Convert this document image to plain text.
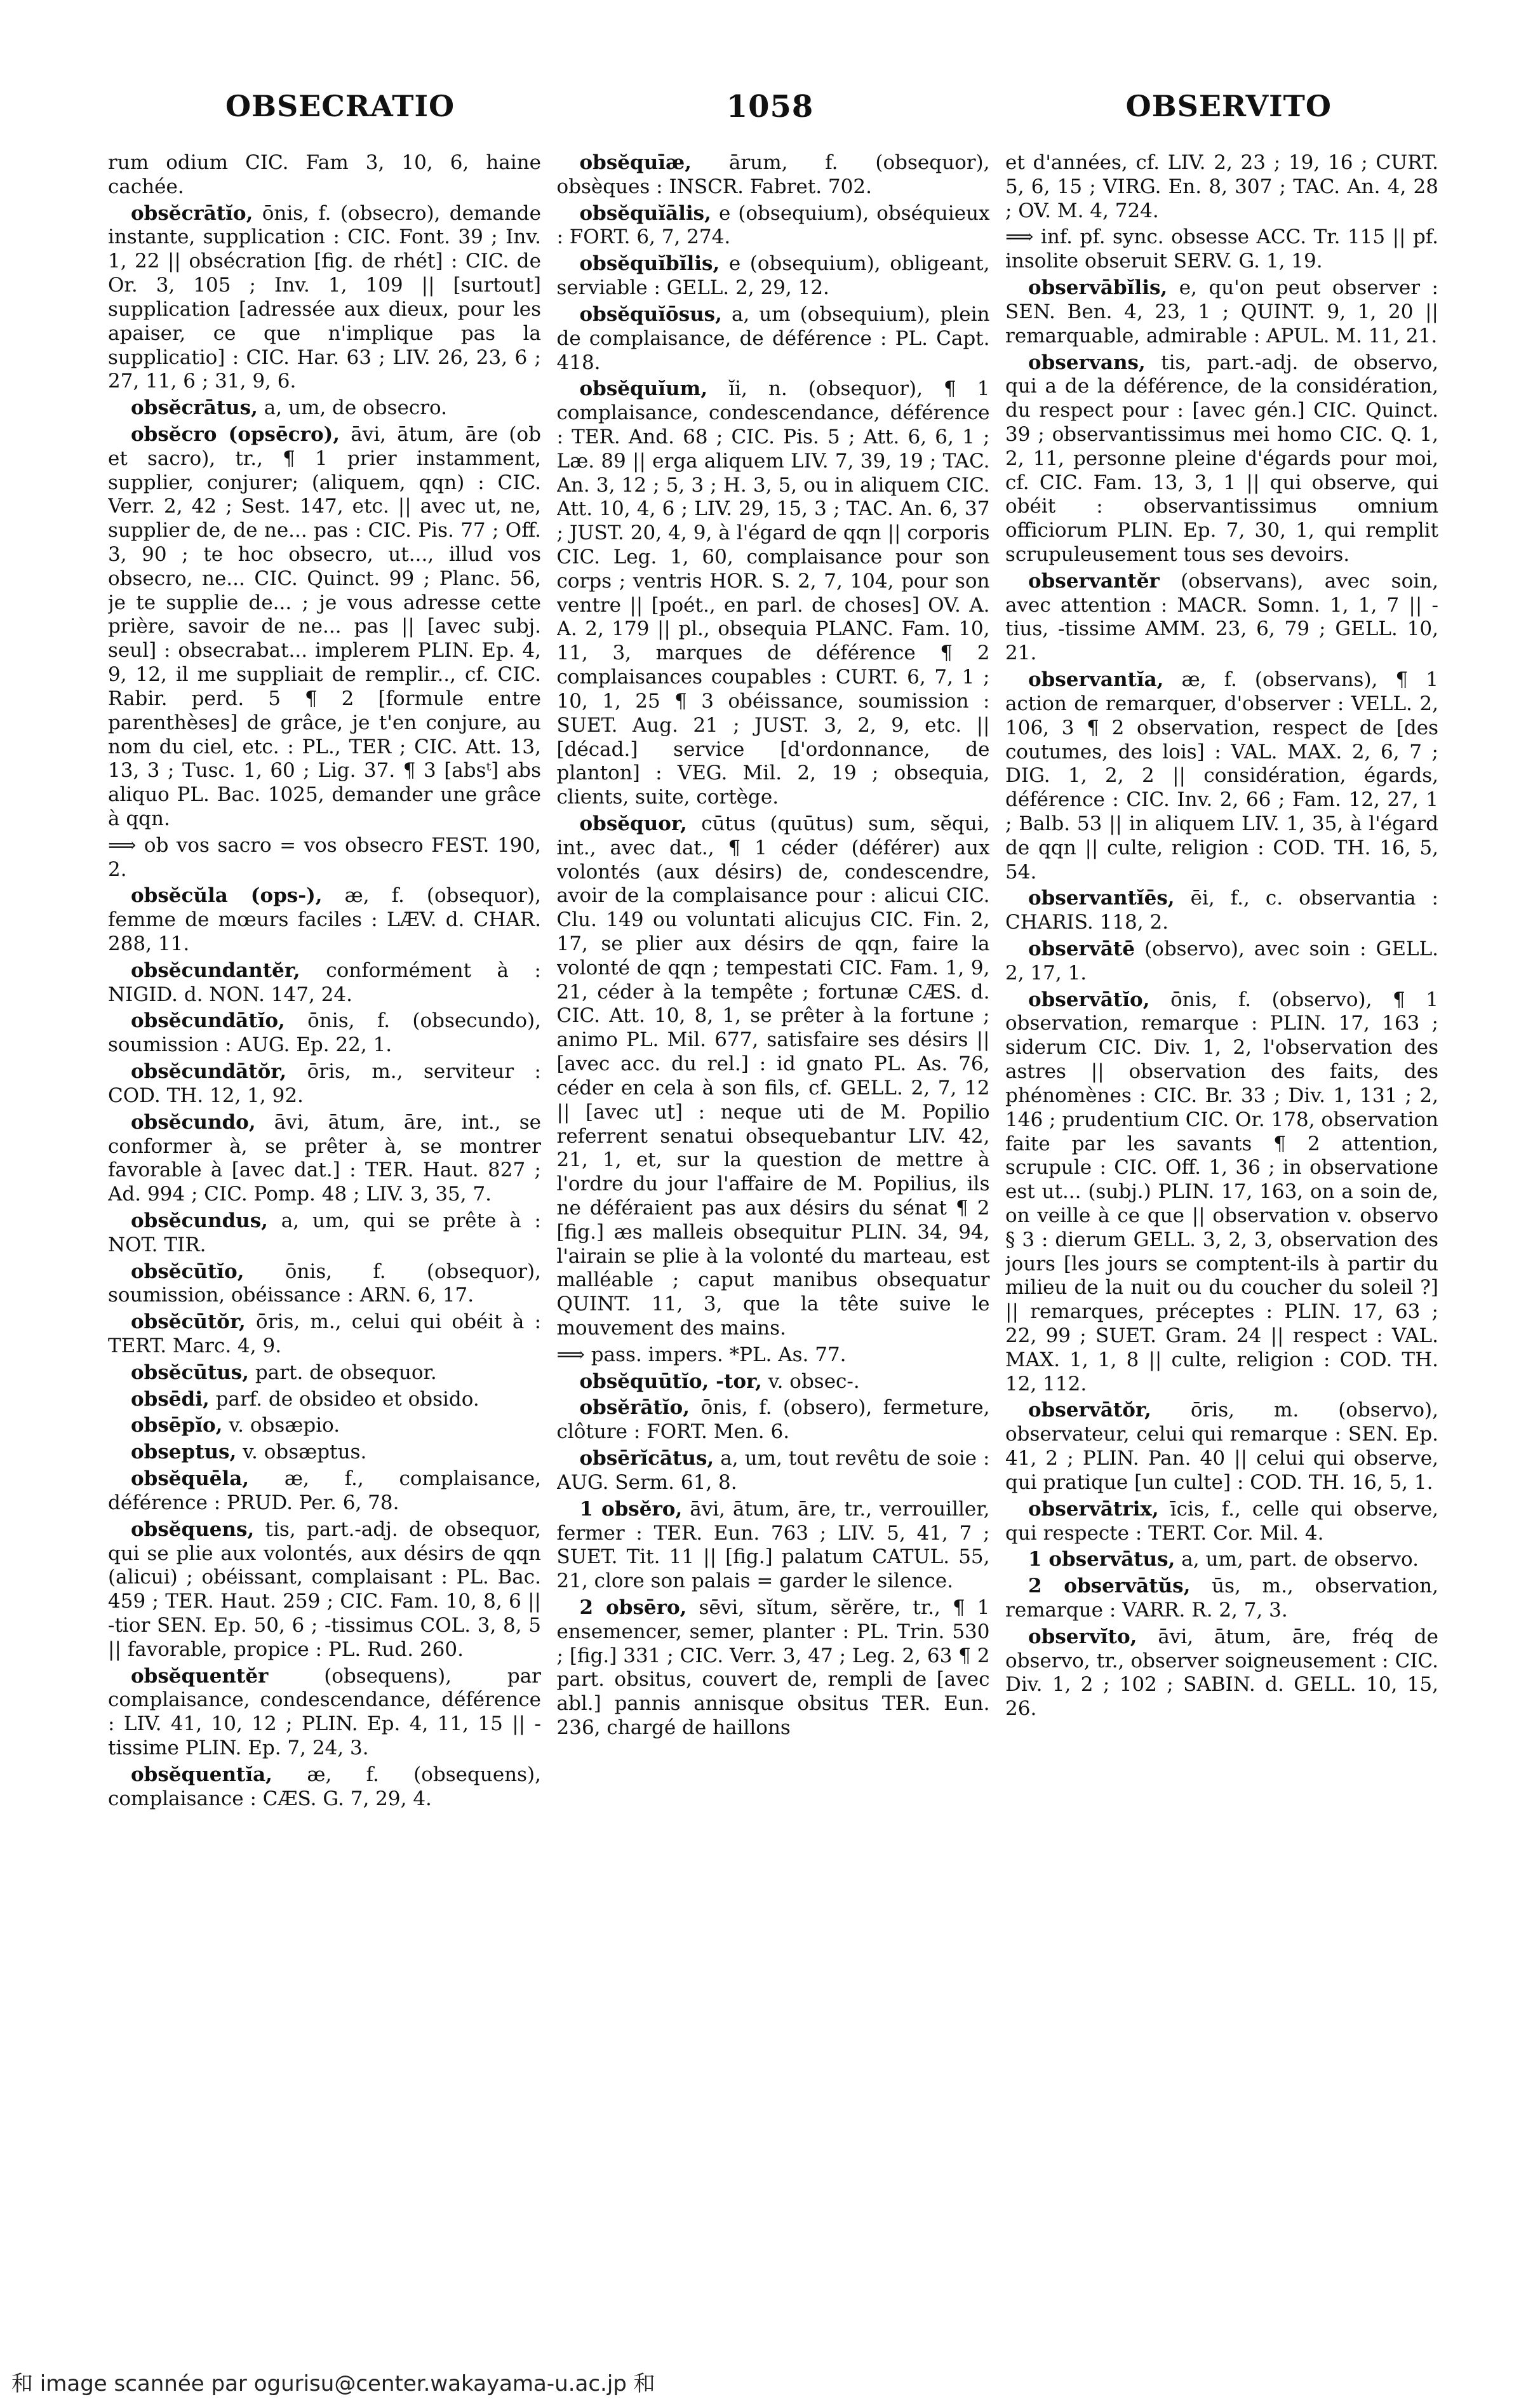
OBSECRATIO	1058	OBSERVITO

rum odium CIC. Fam 3, 10, 6, haine cachée.

obsĕcrātĭo, ōnis, f. (obsecro), demande instante, supplication : CIC. Font. 39 ; Inv. 1, 22 || obsécration [fig. de rhét] : CIC. de Or. 3, 105 ; Inv. 1, 109 || [surtout] supplication [adressée aux dieux, pour les apaiser, ce que n'implique pas la supplicatio] : CIC. Har. 63 ; LIV. 26, 23, 6 ; 27, 11, 6 ; 31, 9, 6.

obsĕcrātus, a, um, de obsecro.

obsĕcro (opsēcro), āvi, ātum, āre (ob et sacro), tr., ¶ 1 prier instamment, supplier, conjurer; (aliquem, qqn) : CIC. Verr. 2, 42 ; Sest. 147, etc. || avec ut, ne, supplier de, de ne... pas : CIC. Pis. 77 ; Off. 3, 90 ; te hoc obsecro, ut..., illud vos obsecro, ne... CIC. Quinct. 99 ; Planc. 56, je te supplie de... ; je vous adresse cette prière, savoir de ne... pas || [avec subj. seul] : obsecrabat... implerem PLIN. Ep. 4, 9, 12, il me suppliait de remplir.., cf. CIC. Rabir. perd. 5 ¶ 2 [formule entre parenthèses] de grâce, je t'en conjure, au nom du ciel, etc. : PL., TER ; CIC. Att. 13, 13, 3 ; Tusc. 1, 60 ; Lig. 37. ¶ 3 [absᵗ] abs aliquo PL. Bac. 1025, demander une grâce à qqn.

⟹ ob vos sacro = vos obsecro FEST. 190, 2.

obsĕcŭla (ops-), æ, f. (obsequor), femme de mœurs faciles : LÆV. d. CHAR. 288, 11.

obsĕcundantĕr, conformément à : NIGID. d. NON. 147, 24.

obsĕcundātĭo, ōnis, f. (obsecundo), soumission : AUG. Ep. 22, 1.

obsĕcundātŏr, ōris, m., serviteur : COD. TH. 12, 1, 92.

obsĕcundo, āvi, ātum, āre, int., se conformer à, se prêter à, se montrer favorable à [avec dat.] : TER. Haut. 827 ; Ad. 994 ; CIC. Pomp. 48 ; LIV. 3, 35, 7.

obsĕcundus, a, um, qui se prête à : NOT. TIR.

obsĕcūtĭo, ōnis, f. (obsequor), soumission, obéissance : ARN. 6, 17.

obsĕcūtŏr, ōris, m., celui qui obéit à : TERT. Marc. 4, 9.

obsĕcūtus, part. de obsequor.

obsēdi, parf. de obsideo et obsido.

obsēpĭo, v. obsæpio.

obseptus, v. obsæptus.

obsĕquēla, æ, f., complaisance, déférence : PRUD. Per. 6, 78.

obsĕquens, tis, part.-adj. de obsequor, qui se plie aux volontés, aux désirs de qqn (alicui) ; obéissant, complaisant : PL. Bac. 459 ; TER. Haut. 259 ; CIC. Fam. 10, 8, 6 || -tior SEN. Ep. 50, 6 ; -tissimus COL. 3, 8, 5 || favorable, propice : PL. Rud. 260.

obsĕquentĕr	(obsequens), par complaisance, condescendance, déférence : LIV. 41, 10, 12 ; PLIN. Ep. 4, 11, 15 || -tissime PLIN. Ep. 7, 24, 3.

obsĕquentĭa, æ, f. (obsequens), complaisance : CÆS. G. 7, 29, 4.

obsĕquīæ, ārum, f. (obsequor), obsèques : INSCR. Fabret. 702.

obsĕquĭālis, e (obsequium), obséquieux : FORT. 6, 7, 274.

obsĕquĭbĭlis, e (obsequium), obligeant, serviable : GELL. 2, 29, 12.

obsĕquĭōsus, a, um (obsequium), plein de complaisance, de déférence : PL. Capt. 418.

obsĕquĭum, ĭi, n. (obsequor), ¶ 1 complaisance, condescendance, déférence : TER. And. 68 ; CIC. Pis. 5 ; Att. 6, 6, 1 ; Læ. 89 || erga aliquem LIV. 7, 39, 19 ; TAC. An. 3, 12 ; 5, 3 ; H. 3, 5, ou in aliquem CIC. Att. 10, 4, 6 ; LIV. 29, 15, 3 ; TAC. An. 6, 37 ; JUST. 20, 4, 9, à l'égard de qqn || corporis CIC. Leg. 1, 60, complaisance pour son corps ; ventris HOR. S. 2, 7, 104, pour son ventre || [poét., en parl. de choses] OV. A. A. 2, 179 || pl., obsequia PLANC. Fam. 10, 11, 3, marques de déférence ¶ 2 complaisances coupables : CURT. 6, 7, 1 ; 10, 1, 25 ¶ 3 obéissance, soumission : SUET. Aug. 21 ; JUST. 3, 2, 9, etc. || [décad.] service [d'ordonnance, de planton] : VEG. Mil. 2, 19 ; obsequia, clients, suite, cortège.

obsĕquor, cūtus (quūtus) sum, sĕqui, int., avec dat., ¶ 1 céder (déférer) aux volontés (aux désirs) de, condescendre, avoir de la complaisance pour : alicui CIC. Clu. 149 ou voluntati alicujus CIC. Fin. 2, 17, se plier aux désirs de qqn, faire la volonté de qqn ; tempestati CIC. Fam. 1, 9, 21, céder à la tempête ; fortunæ CÆS. d. CIC. Att. 10, 8, 1, se prêter à la fortune ; animo PL. Mil. 677, satisfaire ses désirs || [avec acc. du rel.] : id gnato PL. As. 76, céder en cela à son fils, cf. GELL. 2, 7, 12 || [avec ut] : neque uti de M. Popilio referrent senatui obsequebantur LIV. 42, 21, 1, et, sur la question de mettre à l'ordre du jour l'affaire de M. Popilius, ils ne déféraient pas aux désirs du sénat ¶ 2 [fig.] æs malleis obsequitur PLIN. 34, 94, l'airain se plie à la volonté du marteau, est malléable ; caput manibus obsequatur QUINT. 11, 3, que la tête suive le mouvement des mains.

⟹ pass. impers. *PL. As. 77.

obsĕquūtĭo, -tor, v. obsec-.

obsĕrātĭo, ōnis, f. (obsero), fermeture, clôture : FORT. Men. 6.

obsērĭcātus, a, um, tout revêtu de soie : AUG. Serm. 61, 8.

1 obsĕro, āvi, ātum, āre, tr., verrouiller, fermer : TER. Eun. 763 ; LIV. 5, 41, 7 ; SUET. Tit. 11 || [fig.] palatum CATUL. 55, 21, clore son palais = garder le silence.

2 obsēro, sēvi, sĭtum, sĕrĕre, tr., ¶ 1 ensemencer, semer, planter : PL. Trin. 530 ; [fig.] 331 ; CIC. Verr. 3, 47 ; Leg. 2, 63 ¶ 2 part. obsitus, couvert de, rempli de [avec abl.] pannis annisque obsitus TER. Eun. 236, chargé de haillons

et d'années, cf. LIV. 2, 23 ; 19, 16 ; CURT. 5, 6, 15 ; VIRG. En. 8, 307 ; TAC. An. 4, 28 ; OV. M. 4, 724.

⟹ inf. pf. sync. obsesse ACC. Tr. 115 || pf. insolite obseruit SERV. G. 1, 19.

observābĭlis, e, qu'on peut observer : SEN. Ben. 4, 23, 1 ; QUINT. 9, 1, 20 || remarquable, admirable : APUL. M. 11, 21.

observans, tis, part.-adj. de observo, qui a de la déférence, de la considération, du respect pour : [avec gén.] CIC. Quinct. 39 ; observantissimus mei homo CIC. Q. 1, 2, 11, personne pleine d'égards pour moi, cf. CIC. Fam. 13, 3, 1 || qui observe, qui obéit : observantissimus omnium officiorum PLIN. Ep. 7, 30, 1, qui remplit scrupuleusement tous ses devoirs.

observantĕr (observans), avec soin, avec attention : MACR. Somn. 1, 1, 7 || -tius, -tissime AMM. 23, 6, 79 ; GELL. 10, 21.

observantĭa, æ, f. (observans), ¶ 1 action de remarquer, d'observer : VELL. 2, 106, 3 ¶ 2 observation, respect de [des coutumes, des lois] : VAL. MAX. 2, 6, 7 ; DIG. 1, 2, 2 || considération, égards, déférence : CIC. Inv. 2, 66 ; Fam. 12, 27, 1 ; Balb. 53 || in aliquem LIV. 1, 35, à l'égard de qqn || culte, religion : COD. TH. 16, 5, 54.

observantĭēs, ēi, f., c. observantia : CHARIS. 118, 2.

observātē (observo), avec soin : GELL. 2, 17, 1.

observātĭo, ōnis, f. (observo), ¶ 1 observation, remarque : PLIN. 17, 163 ; siderum CIC. Div. 1, 2, l'observation des astres || observation des faits, des phénomènes : CIC. Br. 33 ; Div. 1, 131 ; 2, 146 ; prudentium CIC. Or. 178, observation faite par les savants ¶ 2 attention, scrupule : CIC. Off. 1, 36 ; in observatione est ut... (subj.) PLIN. 17, 163, on a soin de, on veille à ce que || observation v. observo § 3 : dierum GELL. 3, 2, 3, observation des jours [les jours se comptent-ils à partir du milieu de la nuit ou du coucher du soleil ?] || remarques, préceptes : PLIN. 17, 63 ; 22, 99 ; SUET. Gram. 24 || respect : VAL. MAX. 1, 1, 8 || culte, religion : COD. TH. 12, 112.

observātŏr, ōris, m. (observo), observateur, celui qui remarque : SEN. Ep. 41, 2 ; PLIN. Pan. 40 || celui qui observe, qui pratique [un culte] : COD. TH. 16, 5, 1.

observātrix, īcis, f., celle qui observe, qui respecte : TERT. Cor. Mil. 4.

1 observātus, a, um, part. de observo.

2 observātŭs, ūs, m., observation, remarque : VARR. R. 2, 7, 3.

observĭto, āvi, ātum, āre, fréq de observo, tr., observer soigneusement : CIC. Div. 1, 2 ; 102 ; SABIN. d. GELL. 10, 15, 26.

和 image scannée par ogurisu@center.wakayama-u.ac.jp 和
